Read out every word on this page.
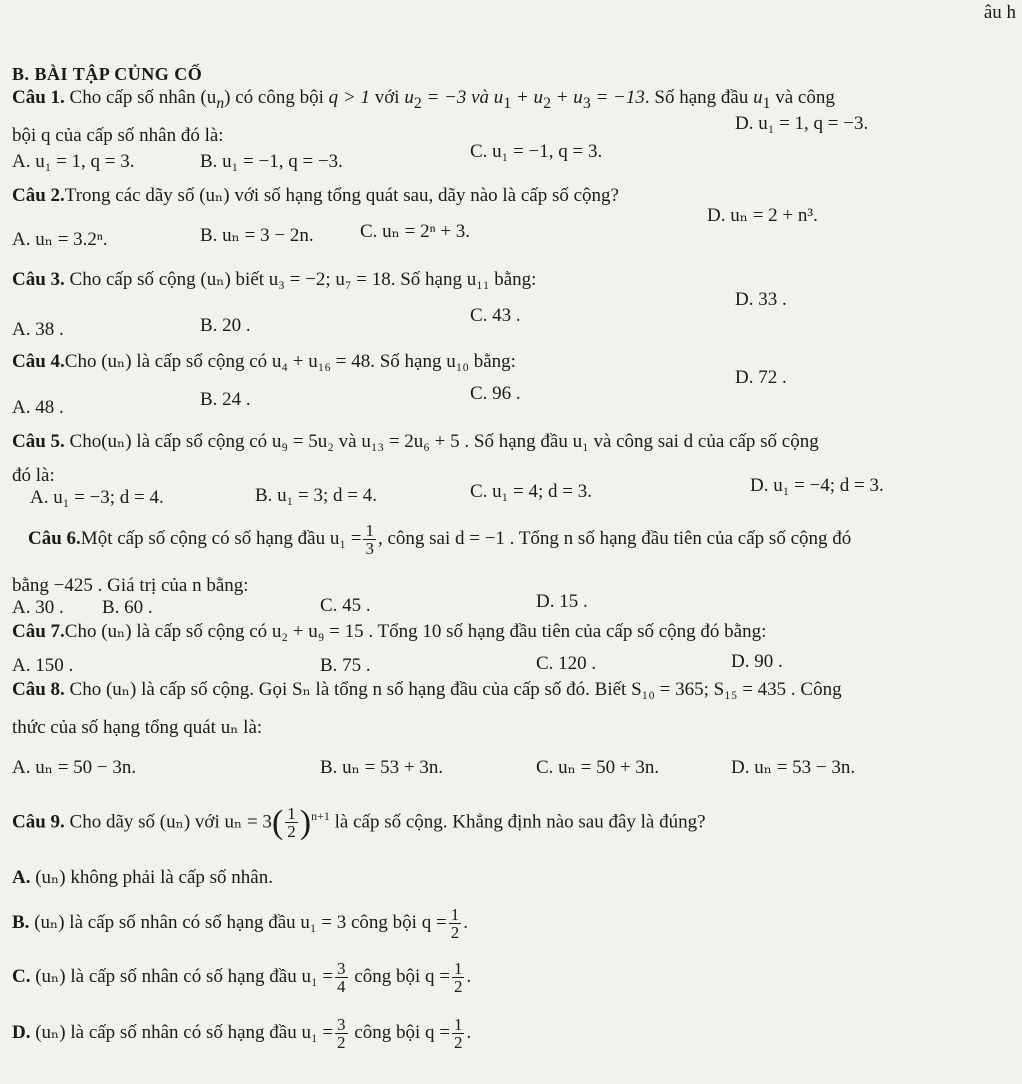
âu h
B. BÀI TẬP CỦNG CỐ
Câu 1. Cho cấp số nhân $(u_n)$ có công bội q > 1 với $u_2 = -3$ và $u_1 + u_2 + u_3 = -13$. Số hạng đầu $u_1$ và công
bội q của cấp số nhân đó là:
D. u₁ = 1, q = −3.
A. u₁ = 1, q = 3.	B. u₁ = −1, q = −3.	C. u₁ = −1, q = 3.
Câu 2.Trong các dãy số (uₙ) với số hạng tổng quát sau, dãy nào là cấp số cộng?
A. uₙ = 3.2ⁿ.	B. uₙ = 3 − 2n. C. uₙ = 2ⁿ + 3.
D. uₙ = 2 + n³.
Câu 3. Cho cấp số cộng (uₙ) biết u₃ = −2; u₇ = 18. Số hạng u₁₁ bằng:
A. 38 .	B. 20 .	C. 43 .
D. 33 .
Câu 4.Cho (uₙ) là cấp số cộng có u₄ + u₁₆ = 48. Số hạng u₁₀ bằng:
A. 48 .	B. 24 .	C. 96 .
D. 72 .
Câu 5. Cho(uₙ) là cấp số cộng có u₉ = 5u₂ và u₁₃ = 2u₆ + 5 . Số hạng đầu u₁ và công sai d của cấp số cộng
đó là:
A. u₁ = −3; d = 4.	B. u₁ = 3; d = 4.	C. u₁ = 4; d = 3.	D. u₁ = −4; d = 3.
Câu 6.Một cấp số cộng có số hạng đầu $u_1 = \frac{1}{3}$ , công sai d = −1 . Tổng n số hạng đầu tiên của cấp số cộng đó
bằng −425 . Giá trị của n bằng:
A. 30 . B. 60 .	C. 45 .	D. 15 .
Câu 7.Cho (uₙ) là cấp số cộng có u₂ + u₉ = 15 . Tổng 10 số hạng đầu tiên của cấp số cộng đó bằng:
A. 150 .	B. 75 .	C. 120 .	D. 90 .
Câu 8. Cho (uₙ) là cấp số cộng. Gọi Sₙ là tổng n số hạng đầu của cấp số đó. Biết S₁₀ = 365; S₁₅ = 435 . Công
thức của số hạng tổng quát uₙ là:
A. uₙ = 50 − 3n.	B. uₙ = 53 + 3n.	C. uₙ = 50 + 3n.	D. uₙ = 53 − 3n.
Câu 9. Cho dãy số (uₙ) với $u_n = 3( \frac{1}{2} )^{n+1}$ là cấp số cộng. Khẳng định nào sau đây là đúng?
A. (uₙ) không phải là cấp số nhân.
B. (uₙ) là cấp số nhân có số hạng đầu u₁ = 3 công bội $q = \frac{1}{2}$ .
C. (uₙ) là cấp số nhân có số hạng đầu $u_1 = \frac{3}{4}$ công bội $q = \frac{1}{2}$ .
D. (uₙ) là cấp số nhân có số hạng đầu $u_1 = \frac{3}{2}$ công bội $q = \frac{1}{2}$ .
